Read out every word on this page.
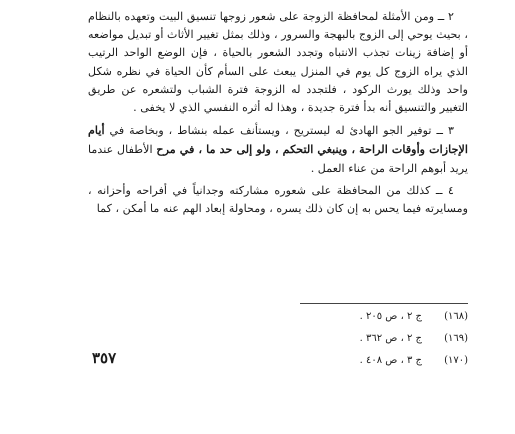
٢ ــ ومن الأمثلة لمحافظة الزوجة على شعور زوجها تنسيق البيت وتعهده بالنظام ، بحيث يوحي إلى الزوج بالبهجة والسرور ، وذلك بمثل تغيير الأثاث أو تبديل مواضعه أو إضافة زينات تجذب الانتباه وتجدد الشعور بالحياة ، فإن الوضع الواحد الرتيب الذي يراه الزوج كل يوم في المنزل يبعث على السأم كأن الحياة في نظره شكل واحد وذلك يورث الركود ، فلتجدد له الزوجة فترة الشباب ولتشعره عن طريق التغيير والتنسيق أنه بدأ فترة جديدة ، وهذا له أثره النفسي الذي لا يخفى .

٣ ــ توفير الجو الهادئ له ليستريح ، ويستأنف عمله بنشاط ، وبخاصة في أيام الإجازات وأوقات الراحة ، وينبغي التحكم ، ولو إلى حد ما ، في مرح الأطفال عندما يريد أبوهم الراحة من عناء العمل .

٤ ــ كذلك من المحافظة على شعوره مشاركته وجدانياً في أفراحه وأحزانه ، ومسايرته فيما يحس به إن كان ذلك يسره ، ومحاولة إبعاد الهم عنه ما أمكن ، كما

(١٦٨)
ج ٢ ، ص ٢٠٥ .
(١٦٩)
ج ٢ ، ص ٣٦٢ .
(١٧٠)
ج ٣ ، ص ٤٠٨ .
٣٥٧
